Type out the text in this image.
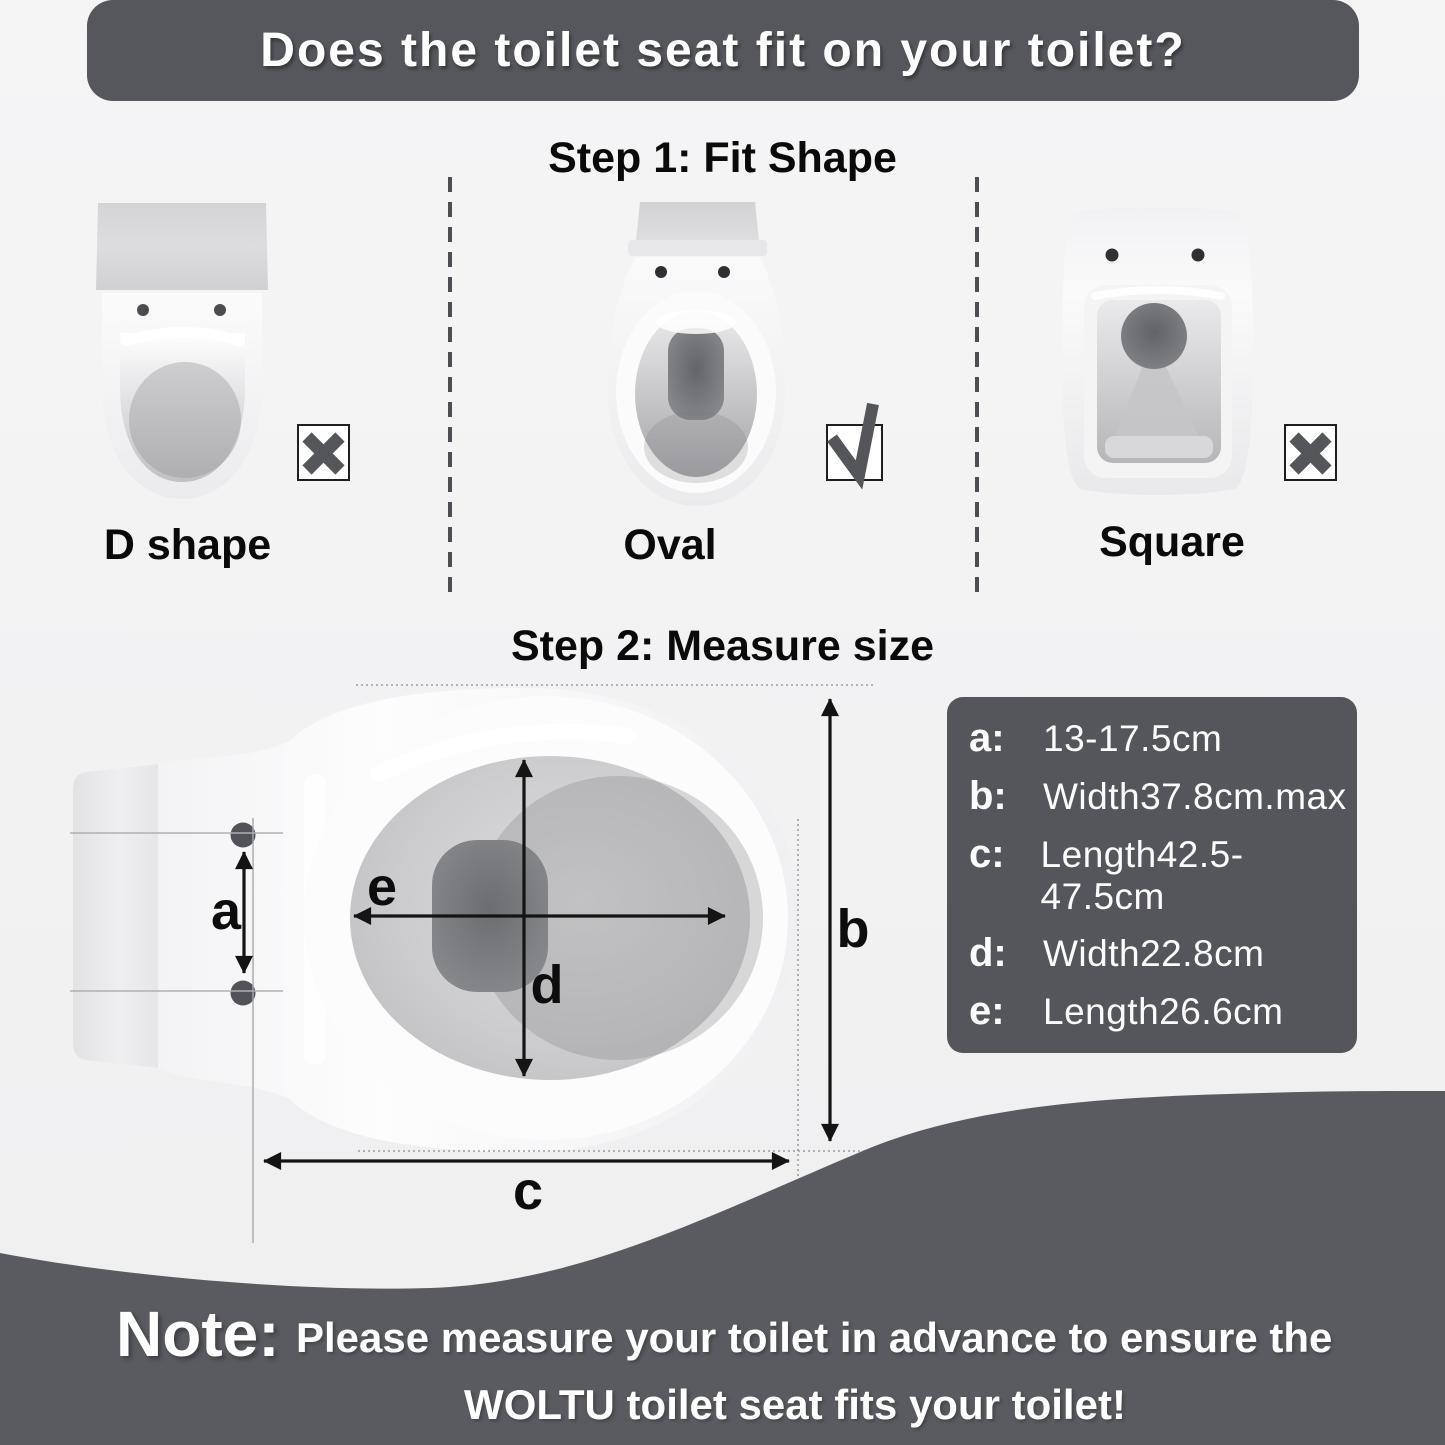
Does the toilet seat fit on your toilet?
Step 1: Fit Shape
D shape	Oval	Square
Step 2: Measure size
a e
d
b
c
a:	13-17.5cm
b: Width37.8cm.max
c: Length42.5-47.5cm
d: Width22.8cm
e:	Length26.6cm
Note: Please measure your toilet in advance to ensure the
WOLTU toilet seat fits your toilet!
